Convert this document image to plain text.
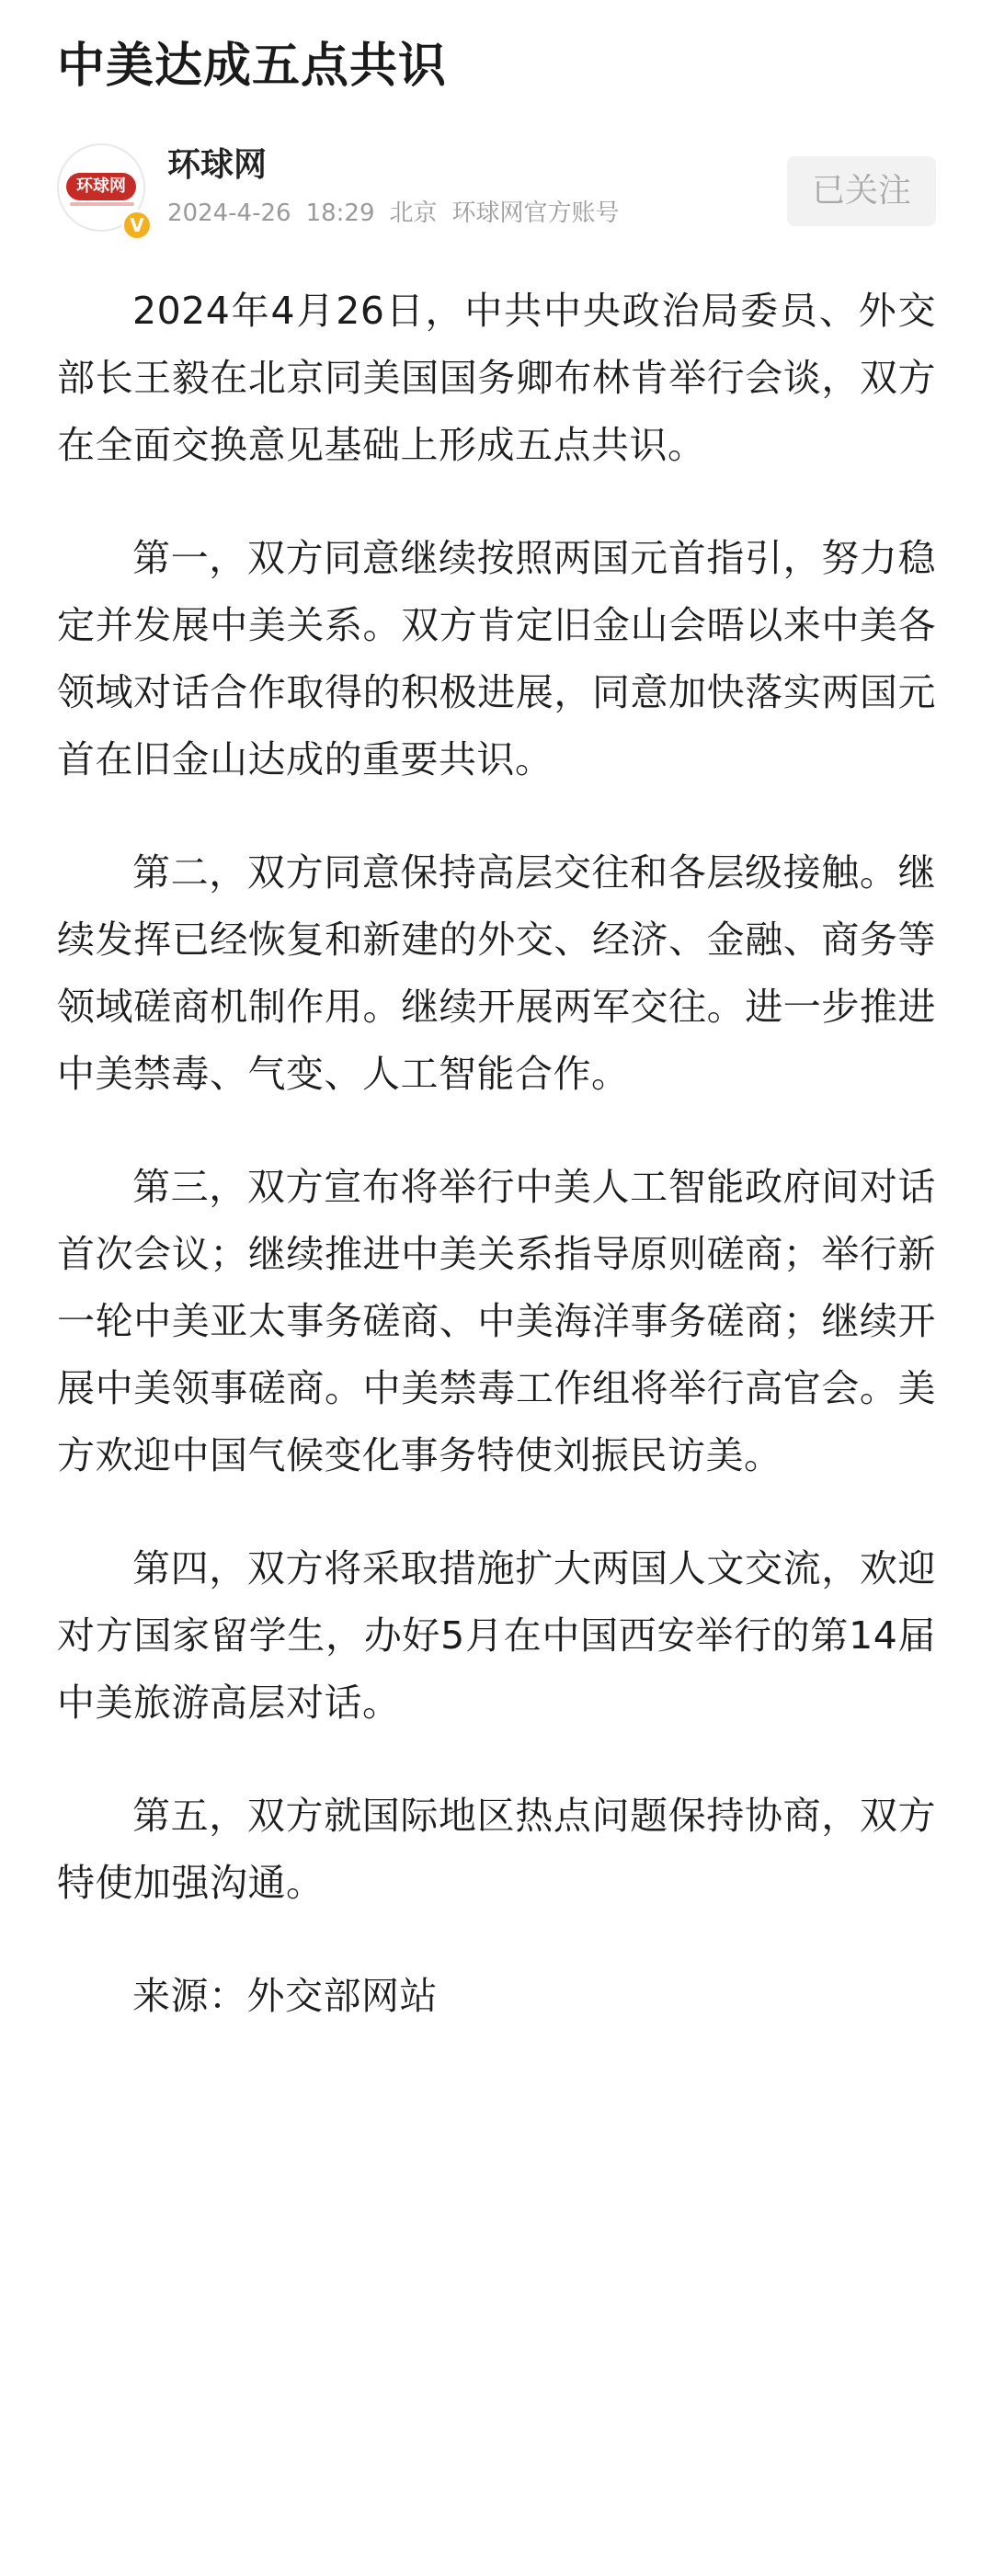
中美达成五点共识
环球网
V
环球网
2024-4-26 18:29 北京 环球网官方账号
已关注

2024年4月26日，中共中央政治局委员、外交部长王毅在北京同美国国务卿布林肯举行会谈，双方在全面交换意见基础上形成五点共识。

第一，双方同意继续按照两国元首指引，努力稳定并发展中美关系。双方肯定旧金山会晤以来中美各领域对话合作取得的积极进展，同意加快落实两国元首在旧金山达成的重要共识。

第二，双方同意保持高层交往和各层级接触。继续发挥已经恢复和新建的外交、经济、金融、商务等领域磋商机制作用。继续开展两军交往。进一步推进中美禁毒、气变、人工智能合作。

第三，双方宣布将举行中美人工智能政府间对话首次会议；继续推进中美关系指导原则磋商；举行新一轮中美亚太事务磋商、中美海洋事务磋商；继续开展中美领事磋商。中美禁毒工作组将举行高官会。美方欢迎中国气候变化事务特使刘振民访美。

第四，双方将采取措施扩大两国人文交流，欢迎对方国家留学生，办好5月在中国西安举行的第14届中美旅游高层对话。

第五，双方就国际地区热点问题保持协商，双方特使加强沟通。

来源：外交部网站
